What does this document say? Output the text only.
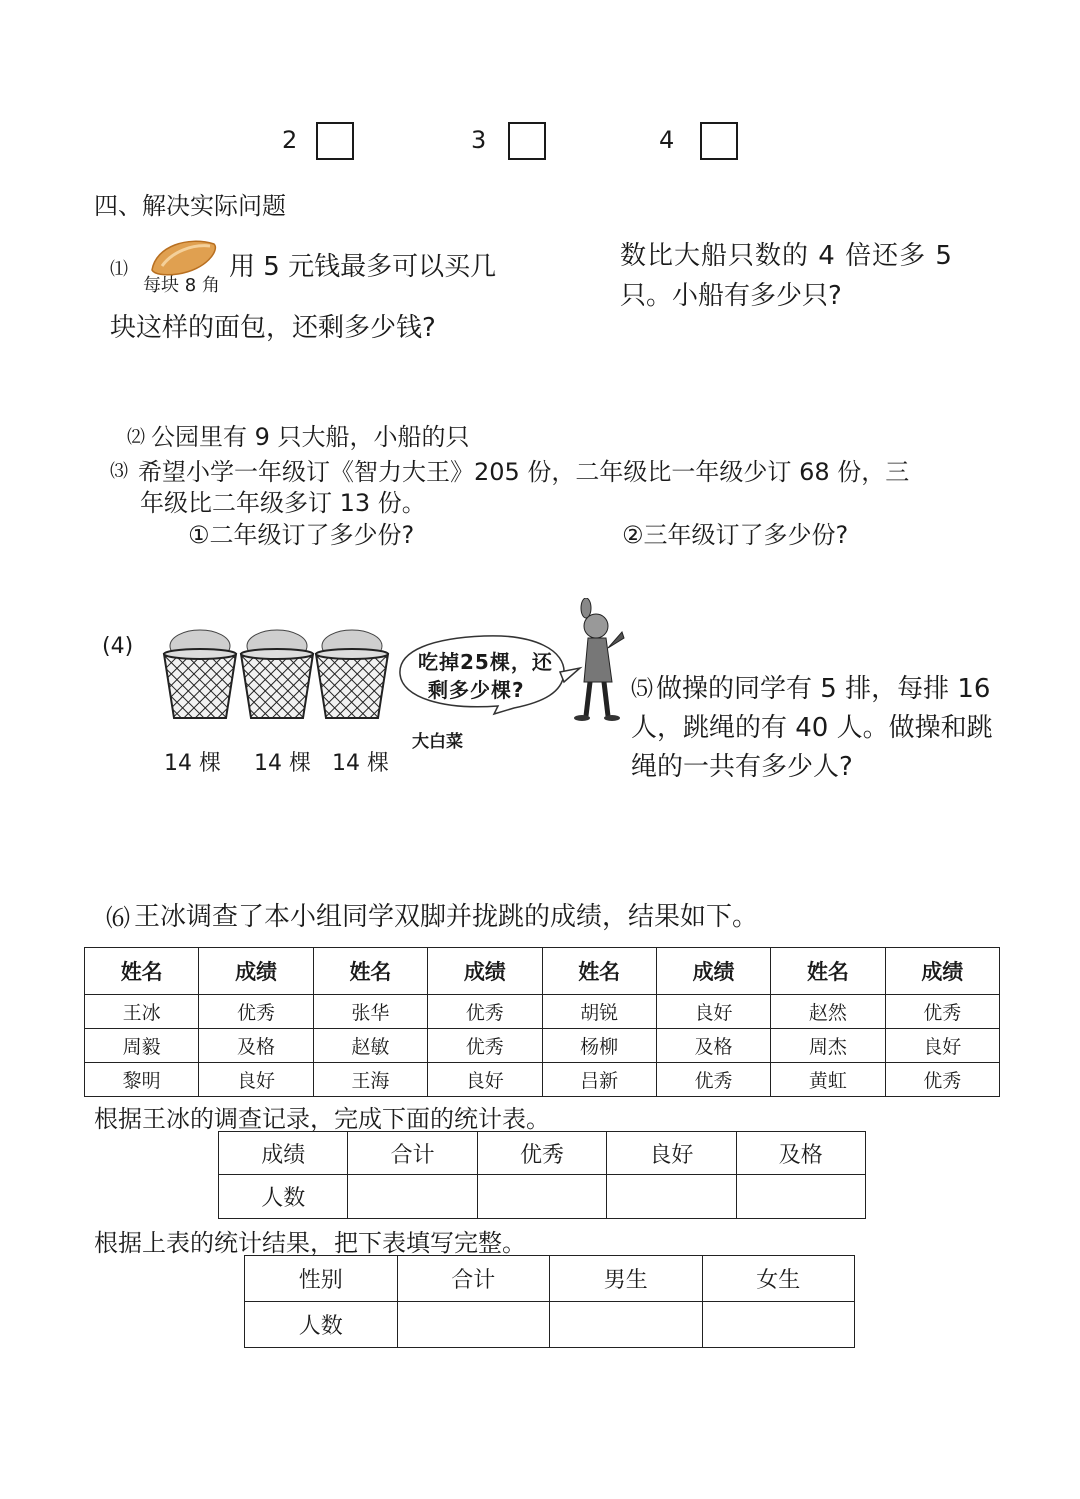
2	3	4
四、解决实际问题
⑴
每块 8 角
用 5 元钱最多可以买几
块这样的面包，还剩多少钱?
数比大船只数的 4 倍还多 5
只。小船有多少只?
⑵ 公园里有 9 只大船，小船的只
⑶ 希望小学一年级订《智力大王》205 份，二年级比一年级少订 68 份，三
年级比二年级多订 13 份。
①二年级订了多少份?	②三年级订了多少份?
(4)
14 棵 14 棵 14 棵
吃掉25棵，还
剩多少棵?
大白菜
⑸ 做操的同学有 5 排，每排 16
人，跳绳的有 40 人。做操和跳
绳的一共有多少人?
⑹ 王冰调查了本小组同学双脚并拢跳的成绩，结果如下。
姓名	成绩	姓名	成绩	姓名	成绩	姓名	成绩
王冰	优秀	张华	优秀	胡锐	良好	赵然	优秀
周毅	及格	赵敏	优秀	杨柳	及格	周杰	良好
黎明	良好	王海	良好	吕新	优秀	黄虹	优秀
根据王冰的调查记录，完成下面的统计表。
成绩	合计	优秀	良好	及格
人数				
根据上表的统计结果，把下表填写完整。
性别	合计	男生	女生
人数			
